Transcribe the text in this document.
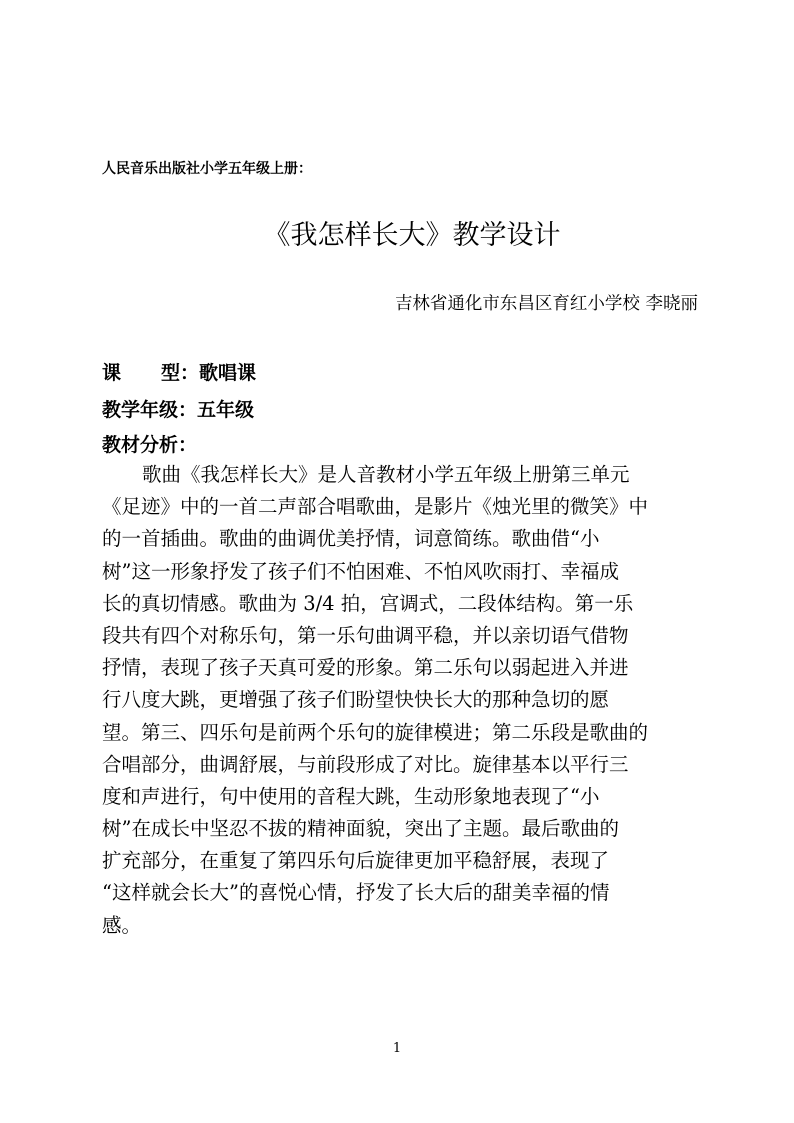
人民音乐出版社小学五年级上册：
《我怎样长大》教学设计
吉林省通化市东昌区育红小学校 李晓丽
课 型：歌唱课
教学年级：五年级
教材分析：
歌曲《我怎样长大》是人音教材小学五年级上册第三单元
《足迹》中的一首二声部合唱歌曲，是影片《烛光里的微笑》中
的一首插曲。歌曲的曲调优美抒情，词意简练。歌曲借“小
树”这一形象抒发了孩子们不怕困难、不怕风吹雨打、幸福成
长的真切情感。歌曲为 3/4 拍，宫调式，二段体结构。第一乐
段共有四个对称乐句，第一乐句曲调平稳，并以亲切语气借物
抒情，表现了孩子天真可爱的形象。第二乐句以弱起进入并进
行八度大跳，更增强了孩子们盼望快快长大的那种急切的愿
望。第三、四乐句是前两个乐句的旋律模进；第二乐段是歌曲的
合唱部分，曲调舒展，与前段形成了对比。旋律基本以平行三
度和声进行，句中使用的音程大跳，生动形象地表现了“小
树”在成长中坚忍不拔的精神面貌，突出了主题。最后歌曲的
扩充部分，在重复了第四乐句后旋律更加平稳舒展，表现了
“这样就会长大”的喜悦心情，抒发了长大后的甜美幸福的情
感。
1
